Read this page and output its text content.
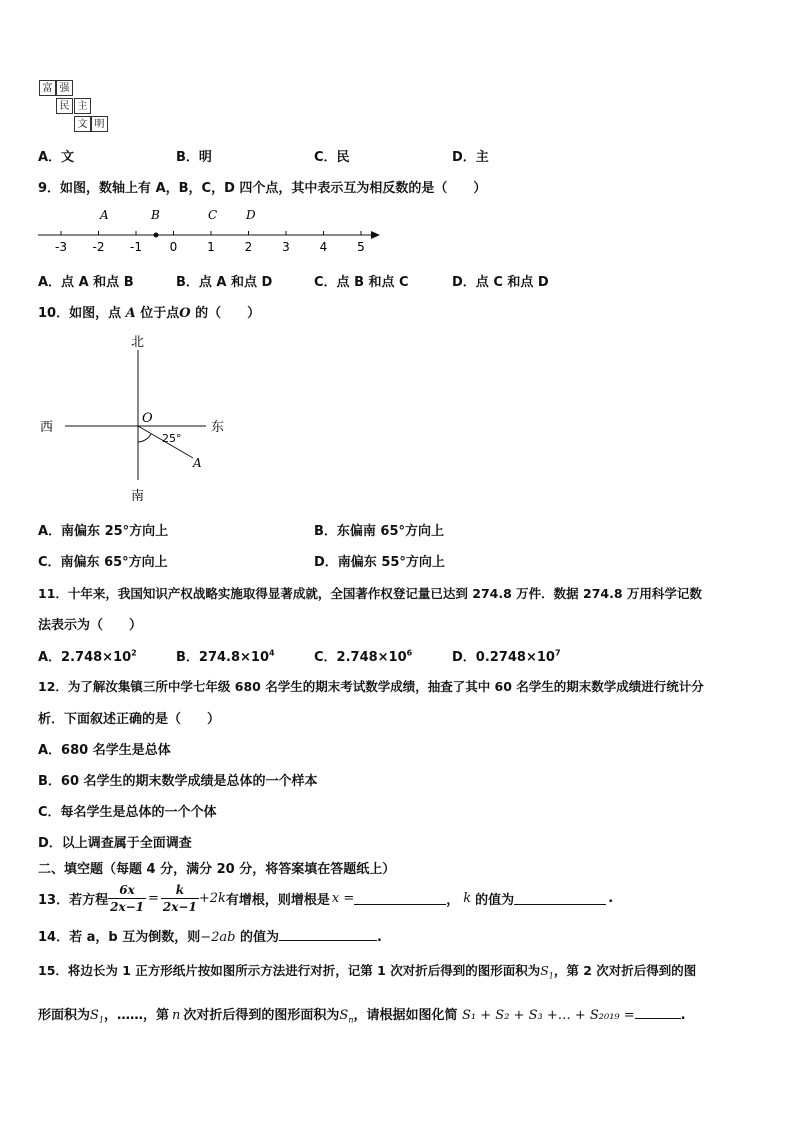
富 强
民 主
文 明
A．文	B．明	C．民	D．主
9．如图，数轴上有 A，B，C，D 四个点，其中表示互为相反数的是（　　）
-3 -2 -1 0 1 2 3 4 5
A	B	C D
A．点 A 和点 B	B．点 A 和点 D	C．点 B 和点 C	D．点 C 和点 D
10．如图，点 A 位于点O 的（　　）
北
南
西	东
O
25°
A
A．南偏东 25°方向上	B．东偏南 65°方向上
C．南偏东 65°方向上	D．南偏东 55°方向上
11．十年来，我国知识产权战略实施取得显著成就，全国著作权登记量已达到 274.8 万件．数据 274.8 万用科学记数
法表示为（　　）
A．$2.748\times 10^2$	B．$274.8\times 10^4$	C．$2.748\times 10^6$	D．$0.2748\times 10^7$
12．为了解汝集镇三所中学七年级 680 名学生的期末考试数学成绩，抽查了其中 60 名学生的期末数学成绩进行统计分
析．下面叙述正确的是（　　）
A．680 名学生是总体
B．60 名学生的期末数学成绩是总体的一个样本
C．每名学生是总体的一个个体
D．以上调查属于全面调查
二、填空题（每题 4 分，满分 20 分，将答案填在答题纸上）
13．若方程 $\frac{6x}{2x-1} = \frac{k}{2x-1} +2k$ 有增根，则增根是 x =	， k 的值为	.
14．若 a，b 互为倒数，则−2ab 的值为	.
15．将边长为 1 正方形纸片按如图所示方法进行对折，记第 1 次对折后得到的图形面积为$S_1$，第 2 次对折后得到的图
形面积为$S_1$，……，第 n 次对折后得到的图形面积为$S_n$，请根据如图化简 S₁ + S₂ + S₃ +… + S₂₀₁₉ =	.
